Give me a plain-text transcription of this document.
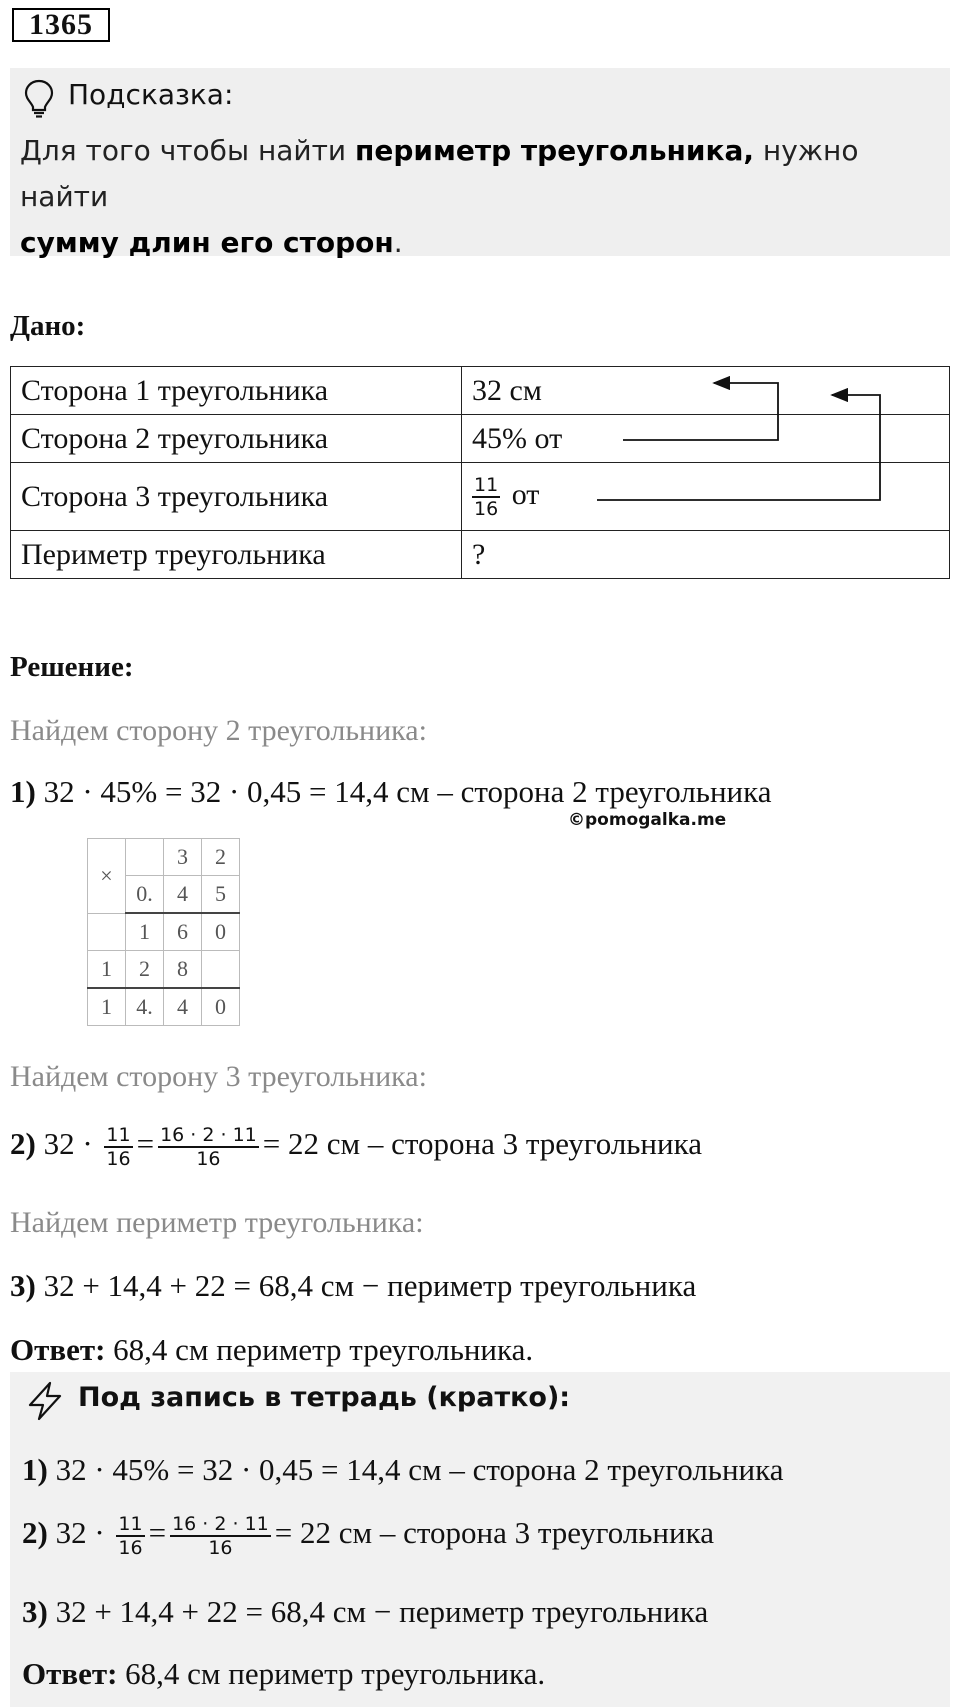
1365
Подсказка:
Для того чтобы найти периметр треугольника, нужно найти
сумму длин его сторон.
Дано:
Сторона 1 треугольника	32 см
Сторона 2 треугольника	45% от
Сторона 3 треугольника	$\frac{11}{16}$ от
Периметр треугольника	?
Решение:
Найдем сторону 2 треугольника:
1) 32 · 45% = 32 · 0,45 = 14,4 см – сторона 2 треугольника
©pomogalka.me
×		3	2
	0.	4	5
	1	6	0
1	2	8	
1	4.	4	0
Найдем сторону 3 треугольника:
2) $32 \cdot \frac{11}{16} = \frac{16 \cdot 2 \cdot 11}{16} = 22$ см – сторона 3 треугольника
Найдем периметр треугольника:
3) 32 + 14,4 + 22 = 68,4 см − периметр треугольника
Ответ: 68,4 см периметр треугольника.
Под запись в тетрадь (кратко):
1) 32 · 45% = 32 · 0,45 = 14,4 см – сторона 2 треугольника
2) $32 \cdot \frac{11}{16} = \frac{16 \cdot 2 \cdot 11}{16} = 22$ см – сторона 3 треугольника
3) 32 + 14,4 + 22 = 68,4 см − периметр треугольника
Ответ: 68,4 см периметр треугольника.
